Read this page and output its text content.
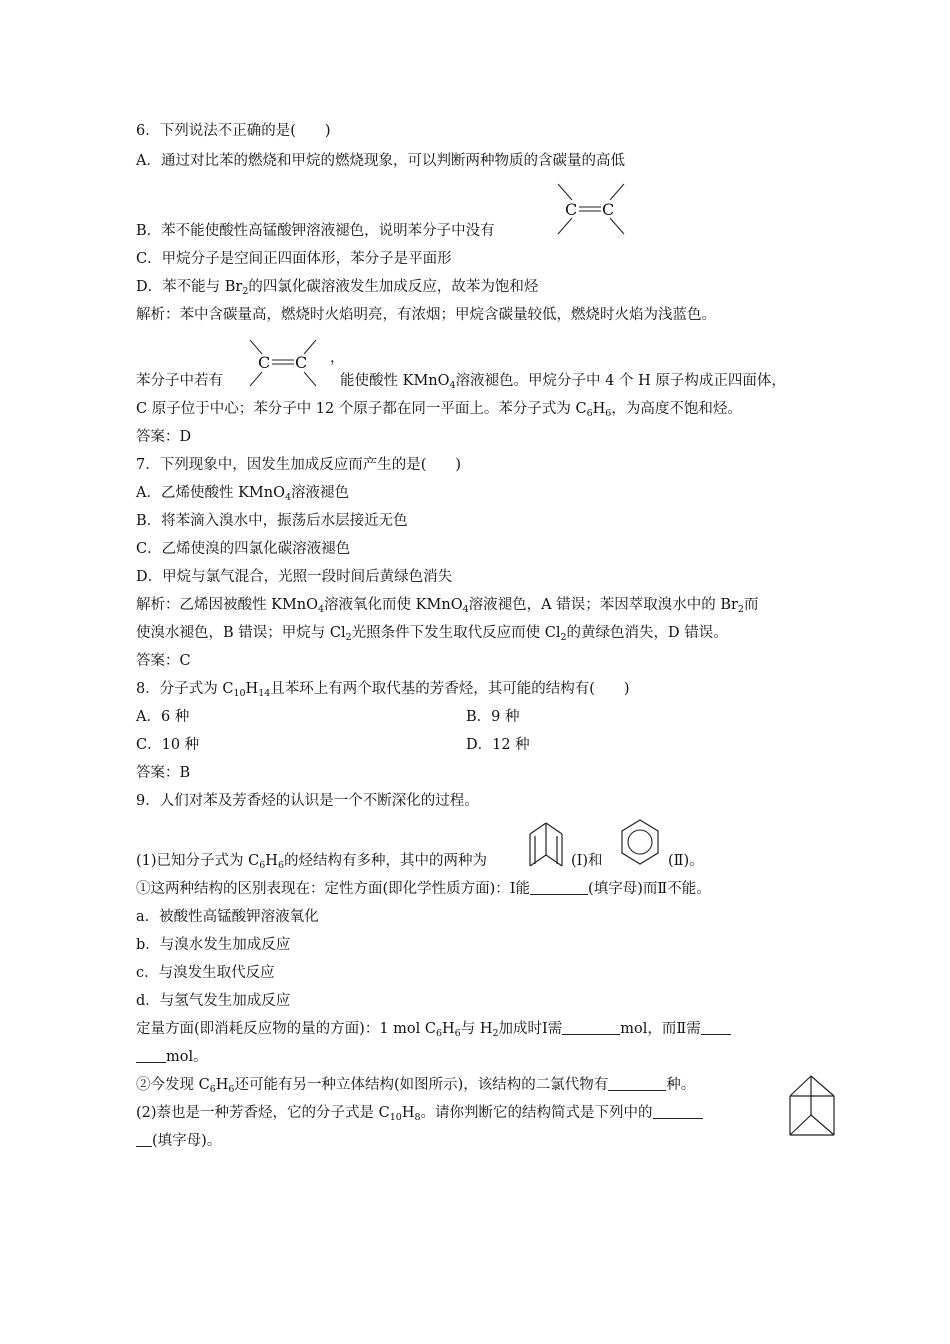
6．下列说法不正确的是(　　)
A．通过对比苯的燃烧和甲烷的燃烧现象，可以判断两种物质的含碳量的高低
C C
B．苯不能使酸性高锰酸钾溶液褪色，说明苯分子中没有
C．甲烷分子是空间正四面体形，苯分子是平面形
D．苯不能与 $Br_2$的四氯化碳溶液发生加成反应，故苯为饱和烃
解析：苯中含碳量高，燃烧时火焰明亮，有浓烟；甲烷含碳量较低，燃烧时火焰为浅蓝色。
C C ，
苯分子中若有	能使酸性 KMnO$_4$溶液褪色。甲烷分子中 4 个 H 原子构成正四面体，
C 原子位于中心；苯分子中 12 个原子都在同一平面上。苯分子式为 $C_6H_6$，为高度不饱和烃。
答案：D
7．下列现象中，因发生加成反应而产生的是(　　)
A．乙烯使酸性 KMnO$_4$溶液褪色
B．将苯滴入溴水中，振荡后水层接近无色
C．乙烯使溴的四氯化碳溶液褪色
D．甲烷与氯气混合，光照一段时间后黄绿色消失
解析：乙烯因被酸性 KMnO$_4$溶液氧化而使 KMnO$_4$溶液褪色，A 错误；苯因萃取溴水中的 $Br_2$而
使溴水褪色，B 错误；甲烷与 $Cl_2$光照条件下发生取代反应而使 $Cl_2$的黄绿色消失，D 错误。
答案：C
8．分子式为 $C_{10}H_{14}$且苯环上有两个取代基的芳香烃，其可能的结构有(　　)
A．6 种	B．9 种
C．10 种	D．12 种
答案：B
9．人们对苯及芳香烃的认识是一个不断深化的过程。
(1)已知分子式为 $C_6H_6$的烃结构有多种，其中的两种为	(Ⅰ)和	(Ⅱ)。
①这两种结构的区别表现在：定性方面(即化学性质方面)：Ⅰ能	(填字母)而Ⅱ不能。
a．被酸性高锰酸钾溶液氧化
b．与溴水发生加成反应
c．与溴发生取代反应
d．与氢气发生加成反应
定量方面(即消耗反应物的量的方面)：1 mol $C_6H_6$与 $H_2$加成时Ⅰ需	mol，而Ⅱ需
mol。
②今发现 $C_6H_6$还可能有另一种立体结构(如图所示)，该结构的二氯代物有	种。
(2)萘也是一种芳香烃，它的分子式是 $C_{10}H_8$。请你判断它的结构简式是下列中的
(填字母)。
